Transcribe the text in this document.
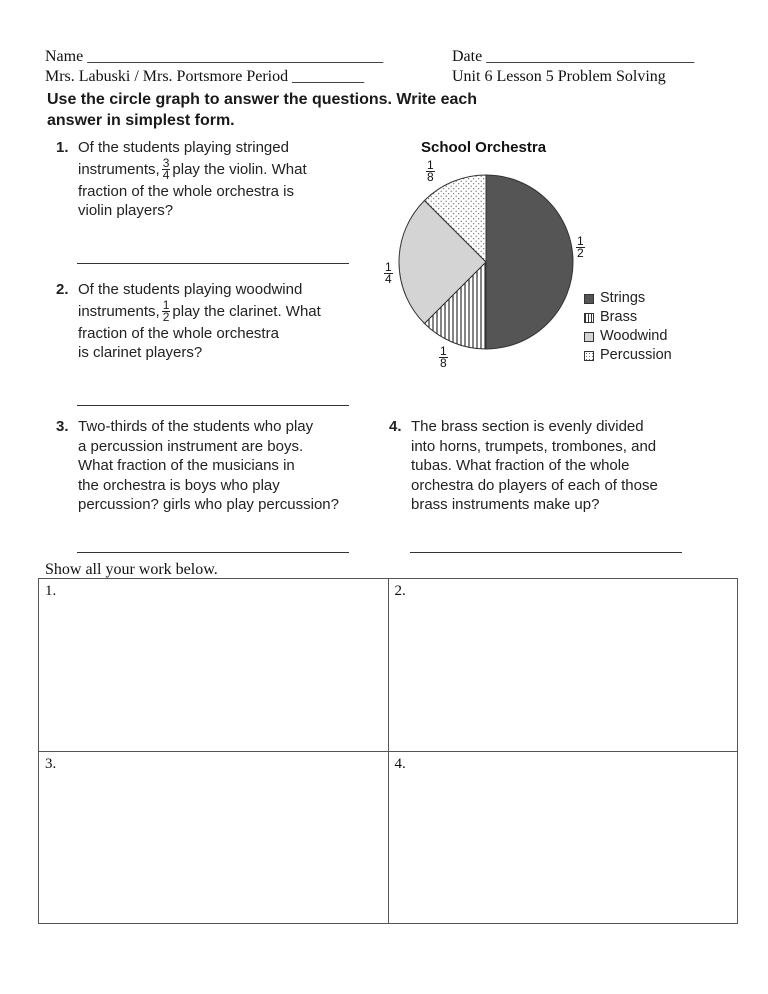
Name _____________________________________	Date __________________________
Mrs. Labuski / Mrs. Portsmore Period _________	Unit 6 Lesson 5 Problem Solving
Use the circle graph to answer the questions. Write each
answer in simplest form.
1. Of the students playing stringed
instruments, $\frac{3}{4}$ play the violin. What
fraction of the whole orchestra is
violin players?
2. Of the students playing woodwind
instruments, $\frac{1}{2}$ play the clarinet. What
fraction of the whole orchestra
is clarinet players?
3. Two-thirds of the students who play
a percussion instrument are boys.
What fraction of the musicians in
the orchestra is boys who play
percussion? girls who play percussion?
4. The brass section is evenly divided
into horns, trumpets, trombones, and
tubas. What fraction of the whole
orchestra do players of each of those
brass instruments make up?
School Orchestra
$\frac{1}{2}$
$\frac{1}{8}$
$\frac{1}{4}$
$\frac{1}{8}$
Strings
Brass
Woodwind
Percussion
Show all your work below.
1.	2.
3.	4.
